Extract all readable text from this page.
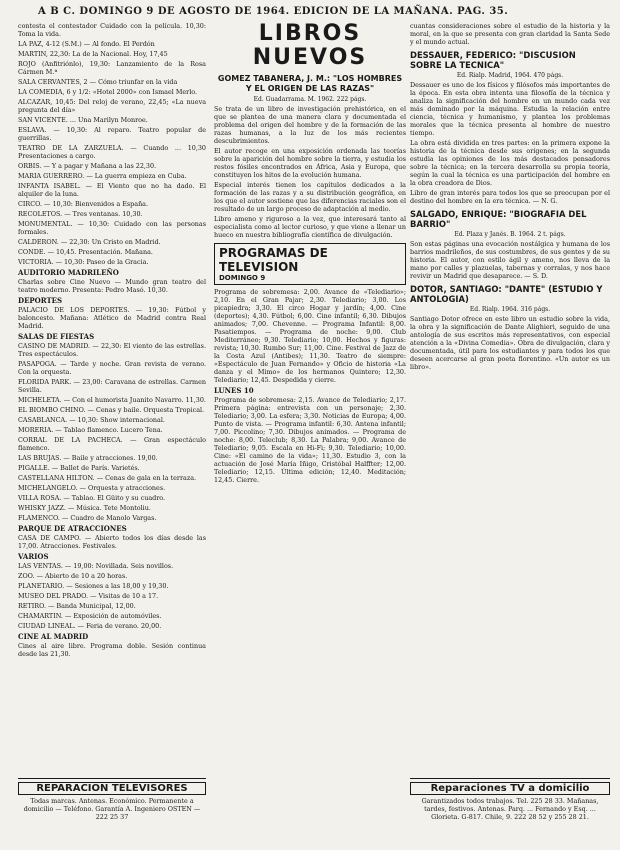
A B C. DOMINGO 9 DE AGOSTO DE 1964. EDICION DE LA MAÑANA. PAG. 35.
contesta el contestador Cuidado con la película. 10,30: Toma la vida.
LA PAZ, 4-12 (S.M.) — Al fondo. El Perdón
MARTIN, 22,30: La de la Nacional. Hoy, 17,45
ROJO (Anfitriónlo), 19,30: Lanzamiento de la Rosa Cármen M.ª
SALA CERVANTES, 2 — Cómo triunfar en la vida
LA COMEDIA, 6 y 1/2: «Hotel 2000» con Ismael Merlo.
ALCAZAR, 10,45: Del reloj de verano, 22,45; «La nueva pregunta del día»
SAN VICENTE. ... Una Marilyn Monroe.
ESLAVA. — 10,30: Al reparo. Teatro popular de guerrillas.
TEATRO DE LA ZARZUELA. — Cuando ... 10,30 Presentaciones a cargo.
ORBIS. — Y a pagar y Mañana a las 22,30.
MARIA GUERRERO. — La guerra empieza en Cuba.
INFANTA ISABEL. — El Viento que no ha dado. El alquiler de la luna.
CIRCO. — 10,30: Bienvenidos a España.
RECOLETOS. — Tres ventanas. 10,30.
MONUMENTAL. — 10,30: Cuidado con las personas formales.
CALDERON. — 22,30: Un Cristo en Madrid.
CONDE. — 10,45. Presentación. Mañana.
VICTORIA. — 10,30: Paseo de la Gracia.
AUDITORIO MADRILEÑO
Charlas sobre Cine Nuevo — Mundo gran teatro del teatro moderno. Presenta: Pedro Masó. 10,30.
DEPORTES
PALACIO DE LOS DEPORTES. — 19,30: Fútbol y baloncesto. Mañana: Atlético de Madrid contra Real Madrid.
SALAS DE FIESTAS
CASINO DE MADRID. — 22,30: El viento de las estrellas. Tres espectáculos.
PASAPOGA. — Tarde y noche. Gran revista de verano. Con la orquesta.
FLORIDA PARK. — 23,00: Caravana de estrellas. Carmen Sevilla.
MICHELETA. — Con el humorista Juanito Navarro. 11,30.
EL BIOMBO CHINO. — Cenas y baile. Orquesta Tropical.
CASABLANCA. — 10,30: Show internacional.
MORERIA. — Tablao flamenco. Lucero Tena.
CORRAL DE LA PACHECA. — Gran espectáculo flamenco.
LAS BRUJAS. — Baile y atracciones. 19,00.
PIGALLE. — Ballet de París. Varietés.
CASTELLANA HILTON. — Cenas de gala en la terraza.
MICHELANGELO. — Orquesta y atracciones.
VILLA ROSA. — Tablao. El Güito y su cuadro.
WHISKY JAZZ. — Música. Tete Montoliu.
FLAMENCO. — Cuadro de Manolo Vargas.
PARQUE DE ATRACCIONES
CASA DE CAMPO. — Abierto todos los días desde las 17,00. Atracciones. Festivales.
VARIOS
LAS VENTAS. — 19,00: Novillada. Seis novillos.
ZOO. — Abierto de 10 a 20 horas.
PLANETARIO. — Sesiones a las 18,00 y 19,30.
MUSEO DEL PRADO. — Visitas de 10 a 17.
RETIRO. — Banda Municipal, 12,00.
CHAMARTIN. — Exposición de automóviles.
CIUDAD LINEAL. — Feria de verano. 20,00.
CINE AL MADRID
Cines al aire libre. Programa doble. Sesión continua desde las 21,30.
LIBROS NUEVOS
GOMEZ TABANERA, J. M.: "LOS HOMBRES Y EL ORIGEN DE LAS RAZAS"
Ed. Guadarrama. M. 1962. 222 págs.
Se trata de un libro de investigación prehistórica, en el que se plantea de una manera clara y documentada el problema del origen del hombre y de la formación de las razas humanas, a la luz de los más recientes descubrimientos.
El autor recoge en una exposición ordenada las teorías sobre la aparición del hombre sobre la tierra, y estudia los restos fósiles encontrados en África, Asia y Europa, que constituyen los hitos de la evolución humana.
Especial interés tienen los capítulos dedicados a la formación de las razas y a su distribución geográfica, en los que el autor sostiene que las diferencias raciales son el resultado de un largo proceso de adaptación al medio.
Libro ameno y riguroso a la vez, que interesará tanto al especialista como al lector curioso, y que viene a llenar un hueco en nuestra bibliografía científica de divulgación.
PROGRAMAS DE TELEVISION
DOMINGO 9
Programa de sobremesa: 2,00. Avance de «Telediario»; 2,10. En el Gran Pajar; 2,30. Telediario; 3,00. Los picapiedra; 3,30. El circo Hogar y jardín; 4,00. Cine (deportes); 4,30. Fútbol; 6,00. Cine infantil; 6,30. Dibujos animados; 7,00. Chevenne. — Programa Infantil: 8,00. Pasatiempos. — Programa de noche: 9,00. Club Mediterráneo; 9,30. Telediario; 10,00. Hechos y figuras: revista; 10,30. Rumbo Sur; 11,00. Cine. Festival de Jazz de la Costa Azul (Antibes); 11,30. Teatro de siempre: «Espectáculo de Juan Fernando» y Oficio de historia «La danza y el Mimo» de los hermanos Quintero; 12,30. Telediario; 12,45. Despedida y cierre.
LUNES 10
Programa de sobremesa: 2,15. Avance de Telediario; 2,17. Primera página: entrevista con un personaje; 2,30. Telediario; 3,00. La esfera; 3,30. Noticias de Europa; 4,00. Punto de vista. — Programa infantil: 6,30. Antena infantil; 7,00. Piccolino; 7,30. Dibujos animados. — Programa de noche: 8,00. Teleclub; 8,30. La Palabra; 9,00. Avance de Telediario; 9,05. Escala en Hi-Fi; 9,30. Telediario; 10,00. Cine: «El camino de la vida»; 11,30. Estudio 3, con la actuación de José María Iñigo, Cristóbal Halffter; 12,00. Telediario; 12,15. Última edición; 12,40. Meditación; 12,45. Cierre.
cuantas consideraciones sobre el estudio de la historia y la moral, en la que se presenta con gran claridad la Santa Sede y el mundo actual.
DESSAUER, FEDERICO: "DISCUSION SOBRE LA TECNICA"
Ed. Rialp. Madrid, 1964. 470 págs.
Dessauer es uno de los físicos y filósofos más importantes de la época. En esta obra intenta una filosofía de la técnica y analiza la significación del hombre en un mundo cada vez más dominado por la máquina. Estudia la relación entre ciencia, técnica y humanismo, y plantea los problemas morales que la técnica presenta al hombre de nuestro tiempo.
La obra está dividida en tres partes: en la primera expone la historia de la técnica desde sus orígenes; en la segunda estudia las opiniones de los más destacados pensadores sobre la técnica; en la tercera desarrolla su propia teoría, según la cual la técnica es una participación del hombre en la obra creadora de Dios.
Libro de gran interés para todos los que se preocupan por el destino del hombre en la era técnica. — N. G.
SALGADO, ENRIQUE: "BIOGRAFIA DEL BARRIO"
Ed. Plaza y Janés. B. 1964. 2 t. págs.
Son estas páginas una evocación nostálgica y humana de los barrios madrileños, de sus costumbres, de sus gentes y de su historia. El autor, con estilo ágil y ameno, nos lleva de la mano por calles y plazuelas, tabernas y corralas, y nos hace revivir un Madrid que desaparece. — S. D.
DOTOR, SANTIAGO: "DANTE" (ESTUDIO Y ANTOLOGIA)
Ed. Rialp. 1964. 316 págs.
Santiago Dotor ofrece en este libro un estudio sobre la vida, la obra y la significación de Dante Alighieri, seguido de una antología de sus escritos más representativos, con especial atención a la «Divina Comedia». Obra de divulgación, clara y documentada, útil para los estudiantes y para todos los que deseen acercarse al gran poeta florentino. «Un autor es un libro».
REPARACION TELEVISORES
Todas marcas. Antenas. Económico. Permanente a domicilio — Teléfono. Garantía A. Ingeniero OSTEN — 222 25 37
Reparaciones TV a domicilio
Garantizados todos trabajos. Tel. 225 28 33. Mañanas, tardes, festivos. Antenas. Parq. ... Fernando y Esq. ... Glorieta. G-817. Chile, 9. 222 28 52 y 255 28 21.
